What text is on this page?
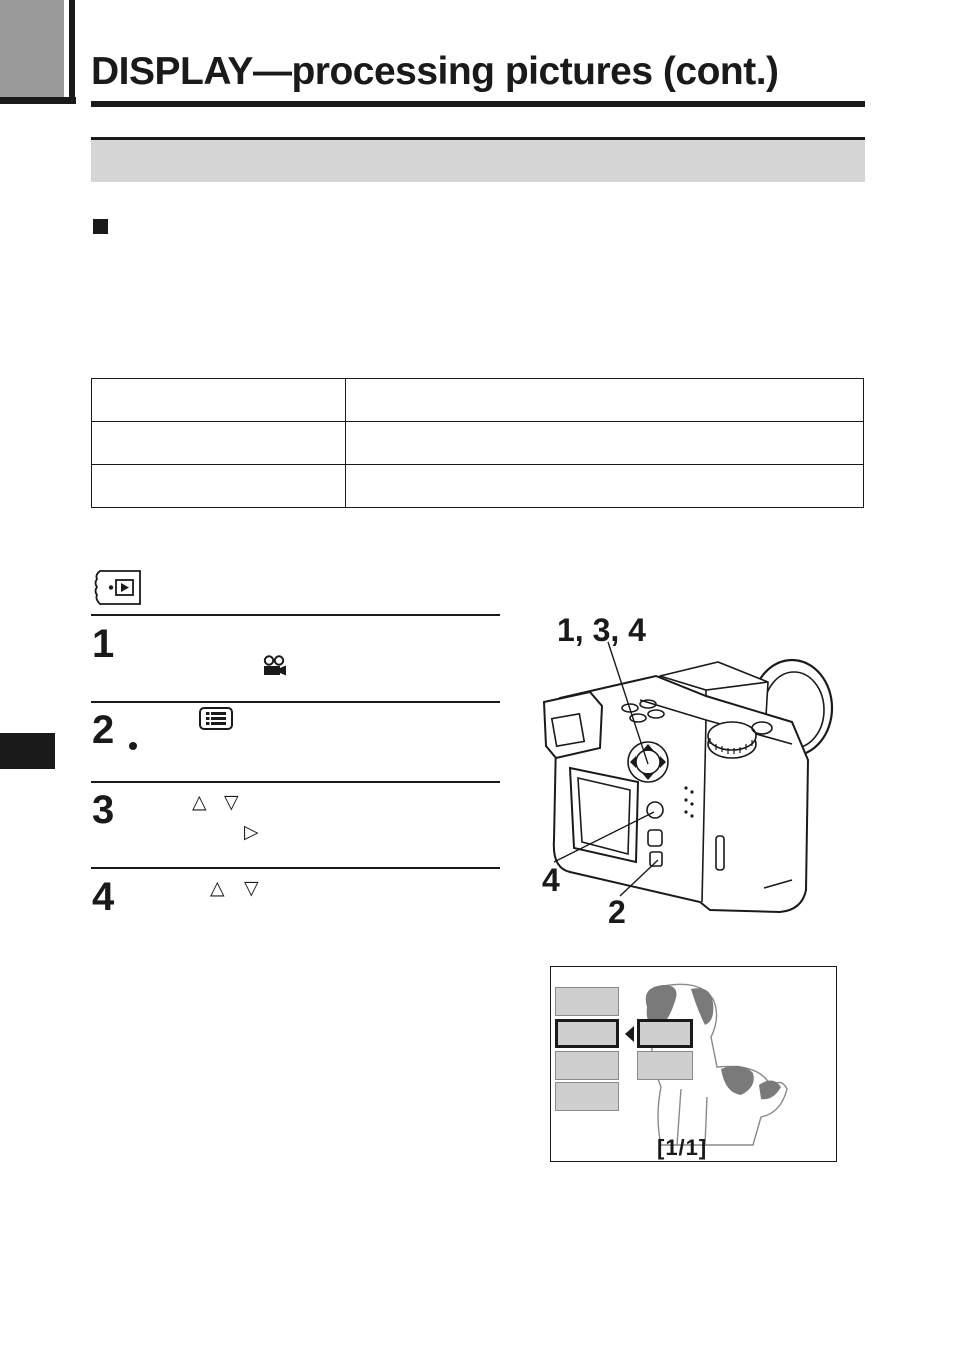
DISPLAY—processing pictures (cont.)

1
2
3
4
△ ▽
▷
△ ▽
1, 3, 4
4
2
[1/1]
